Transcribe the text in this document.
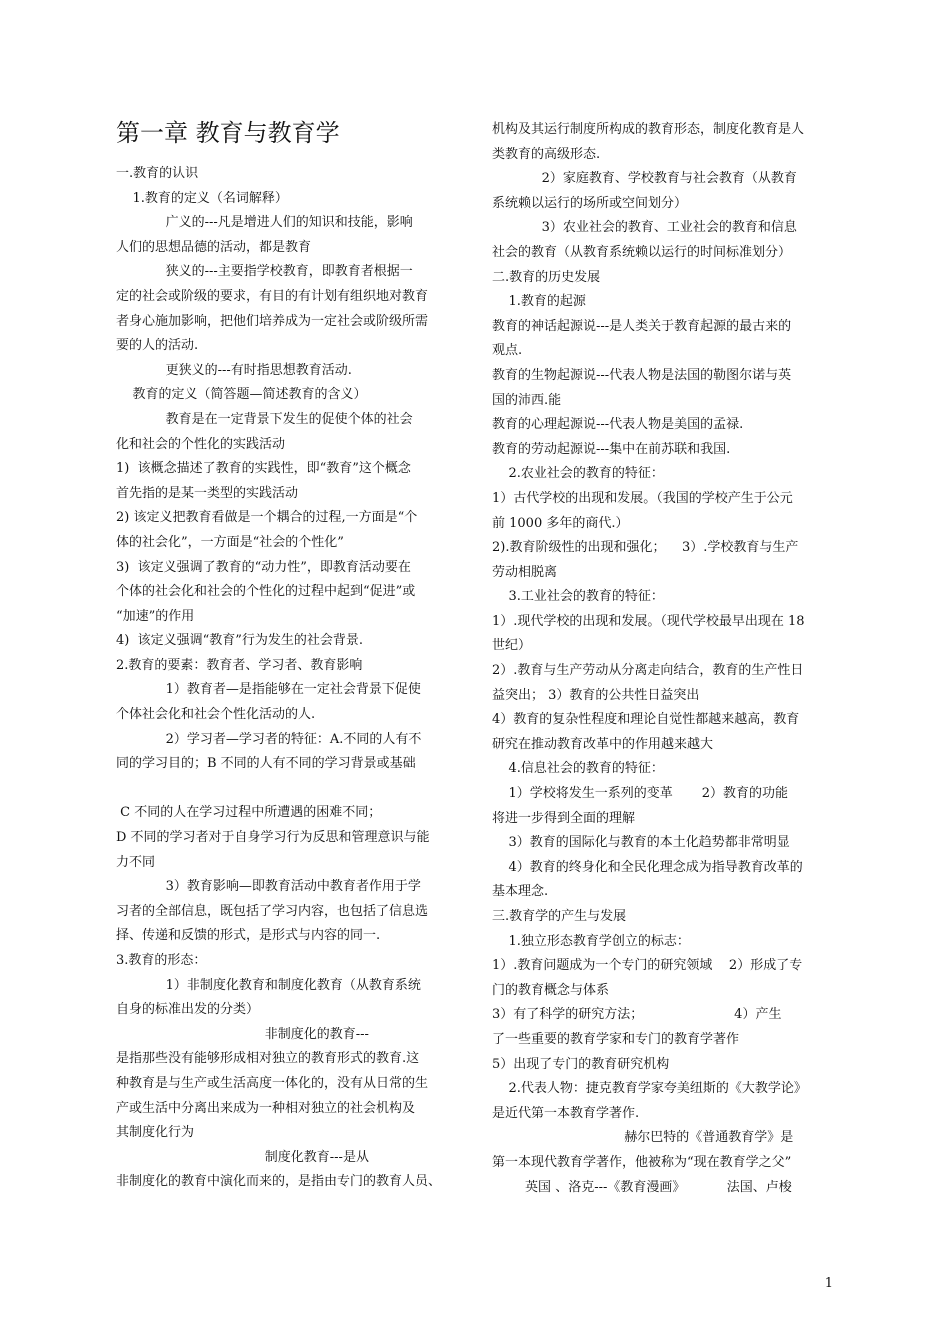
第一章 教育与教育学
一.教育的认识
1.教育的定义（名词解释）
广义的---凡是增进人们的知识和技能，影响
人们的思想品德的活动，都是教育
狭义的---主要指学校教育，即教育者根据一
定的社会或阶级的要求，有目的有计划有组织地对教育
者身心施加影响，把他们培养成为一定社会或阶级所需
要的人的活动.
更狭义的---有时指思想教育活动.
教育的定义（简答题—简述教育的含义）
教育是在一定背景下发生的促使个体的社会
化和社会的个性化的实践活动
1)  该概念描述了教育的实践性，即“教育”这个概念
首先指的是某一类型的实践活动
2) 该定义把教育看做是一个耦合的过程,一方面是“个
体的社会化”，一方面是“社会的个性化”
3)  该定义强调了教育的“动力性”，即教育活动要在
个体的社会化和社会的个性化的过程中起到“促进”或
“加速”的作用
4)  该定义强调“教育”行为发生的社会背景.
2.教育的要素：教育者、学习者、教育影响
1）教育者—是指能够在一定社会背景下促使
个体社会化和社会个性化活动的人.
2）学习者—学习者的特征：A.不同的人有不
同的学习目的；B 不同的人有不同的学习背景或基础

C 不同的人在学习过程中所遭遇的困难不同；
D 不同的学习者对于自身学习行为反思和管理意识与能
力不同
3）教育影响—即教育活动中教育者作用于学
习者的全部信息，既包括了学习内容，也包括了信息选
择、传递和反馈的形式，是形式与内容的同一.
3.教育的形态：
1）非制度化教育和制度化教育（从教育系统
自身的标准出发的分类）
非制度化的教育---
是指那些没有能够形成相对独立的教育形式的教育.这
种教育是与生产或生活高度一体化的，没有从日常的生
产或生活中分离出来成为一种相对独立的社会机构及
其制度化行为
制度化教育---是从
非制度化的教育中演化而来的，是指由专门的教育人员、
机构及其运行制度所构成的教育形态，制度化教育是人
类教育的高级形态.
2）家庭教育、学校教育与社会教育（从教育
系统赖以运行的场所或空间划分）
3）农业社会的教育、工业社会的教育和信息
社会的教育（从教育系统赖以运行的时间标准划分）
二.教育的历史发展
1.教育的起源
教育的神话起源说---是人类关于教育起源的最古来的
观点.
教育的生物起源说---代表人物是法国的勒图尔诺与英
国的沛西.能
教育的心理起源说---代表人物是美国的孟禄.
教育的劳动起源说---集中在前苏联和我国.
2.农业社会的教育的特征：
1）古代学校的出现和发展。（我国的学校产生于公元
前 1000 多年的商代.）
2).教育阶级性的出现和强化；    3）.学校教育与生产
劳动相脱离
3.工业社会的教育的特征：
1）.现代学校的出现和发展。（现代学校最早出现在 18
世纪）
2）.教育与生产劳动从分离走向结合，教育的生产性日
益突出； 3）教育的公共性日益突出
4）教育的复杂性程度和理论自觉性都越来越高，教育
研究在推动教育改革中的作用越来越大
4.信息社会的教育的特征：
1）学校将发生一系列的变革       2）教育的功能
将进一步得到全面的理解
3）教育的国际化与教育的本土化趋势都非常明显
4）教育的终身化和全民化理念成为指导教育改革的
基本理念.
三.教育学的产生与发展
1.独立形态教育学创立的标志：
1）.教育问题成为一个专门的研究领域    2）形成了专
门的教育概念与体系
3）有了科学的研究方法；                      4）产生
了一些重要的教育学家和专门的教育学著作
5）出现了专门的教育研究机构
2.代表人物：捷克教育学家夸美纽斯的《大教学论》
是近代第一本教育学著作.
赫尔巴特的《普通教育学》是
第一本现代教育学著作，他被称为“现在教育学之父”
英国 、洛克---《教育漫画》          法国、卢梭
1
